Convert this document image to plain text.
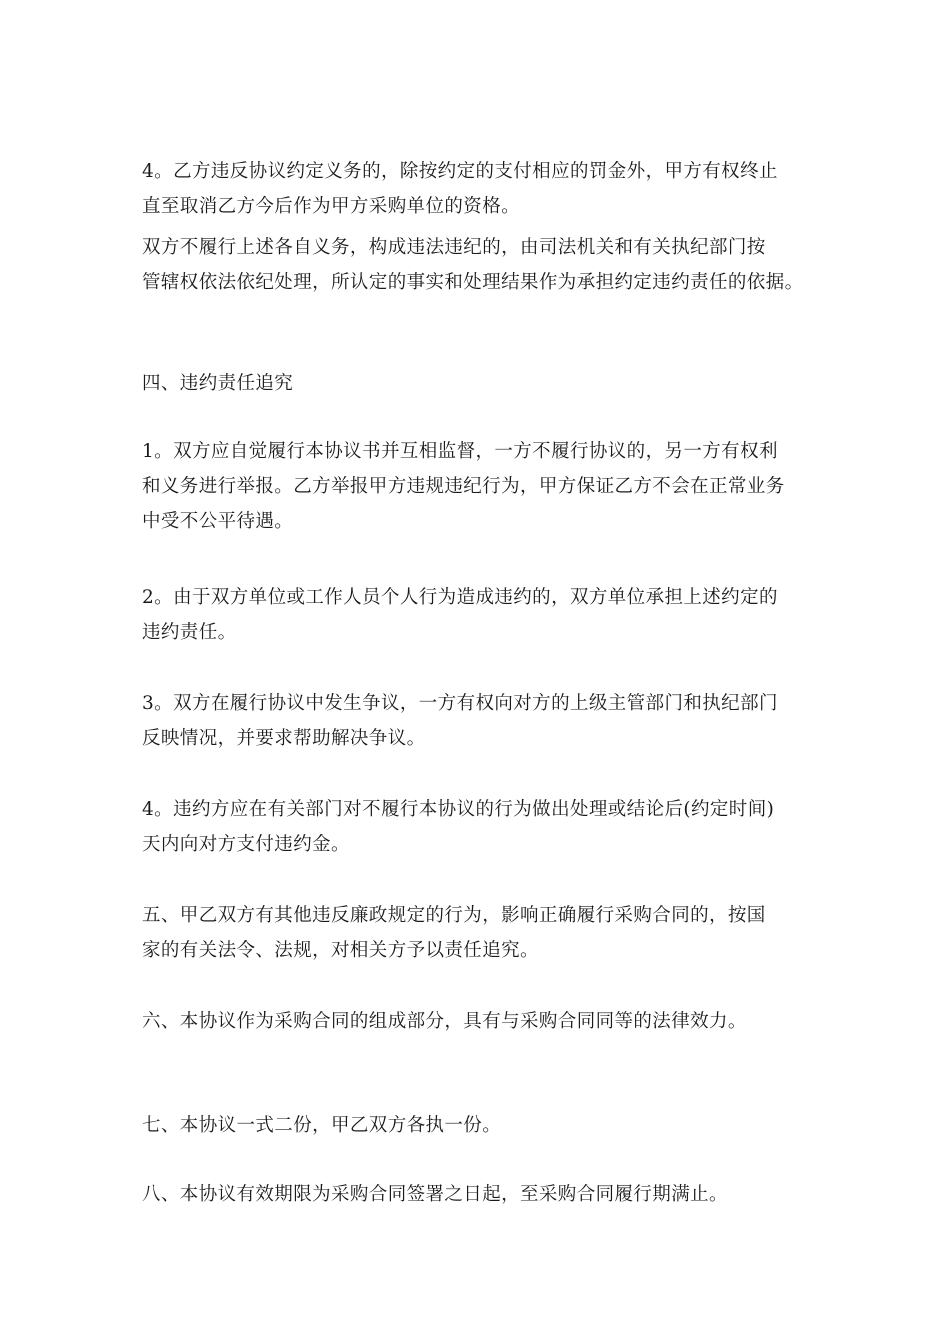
4。乙方违反协议约定义务的，除按约定的支付相应的罚金外，甲方有权终止
直至取消乙方今后作为甲方采购单位的资格。

双方不履行上述各自义务，构成违法违纪的，由司法机关和有关执纪部门按
管辖权依法依纪处理，所认定的事实和处理结果作为承担约定违约责任的依据。

四、违约责任追究

1。双方应自觉履行本协议书并互相监督，一方不履行协议的，另一方有权利
和义务进行举报。乙方举报甲方违规违纪行为，甲方保证乙方不会在正常业务
中受不公平待遇。

2。由于双方单位或工作人员个人行为造成违约的，双方单位承担上述约定的
违约责任。

3。双方在履行协议中发生争议，一方有权向对方的上级主管部门和执纪部门
反映情况，并要求帮助解决争议。

4。违约方应在有关部门对不履行本协议的行为做出处理或结论后(约定时间)
天内向对方支付违约金。

五、甲乙双方有其他违反廉政规定的行为，影响正确履行采购合同的，按国
家的有关法令、法规，对相关方予以责任追究。

六、本协议作为采购合同的组成部分，具有与采购合同同等的法律效力。

七、本协议一式二份，甲乙双方各执一份。

八、本协议有效期限为采购合同签署之日起，至采购合同履行期满止。
